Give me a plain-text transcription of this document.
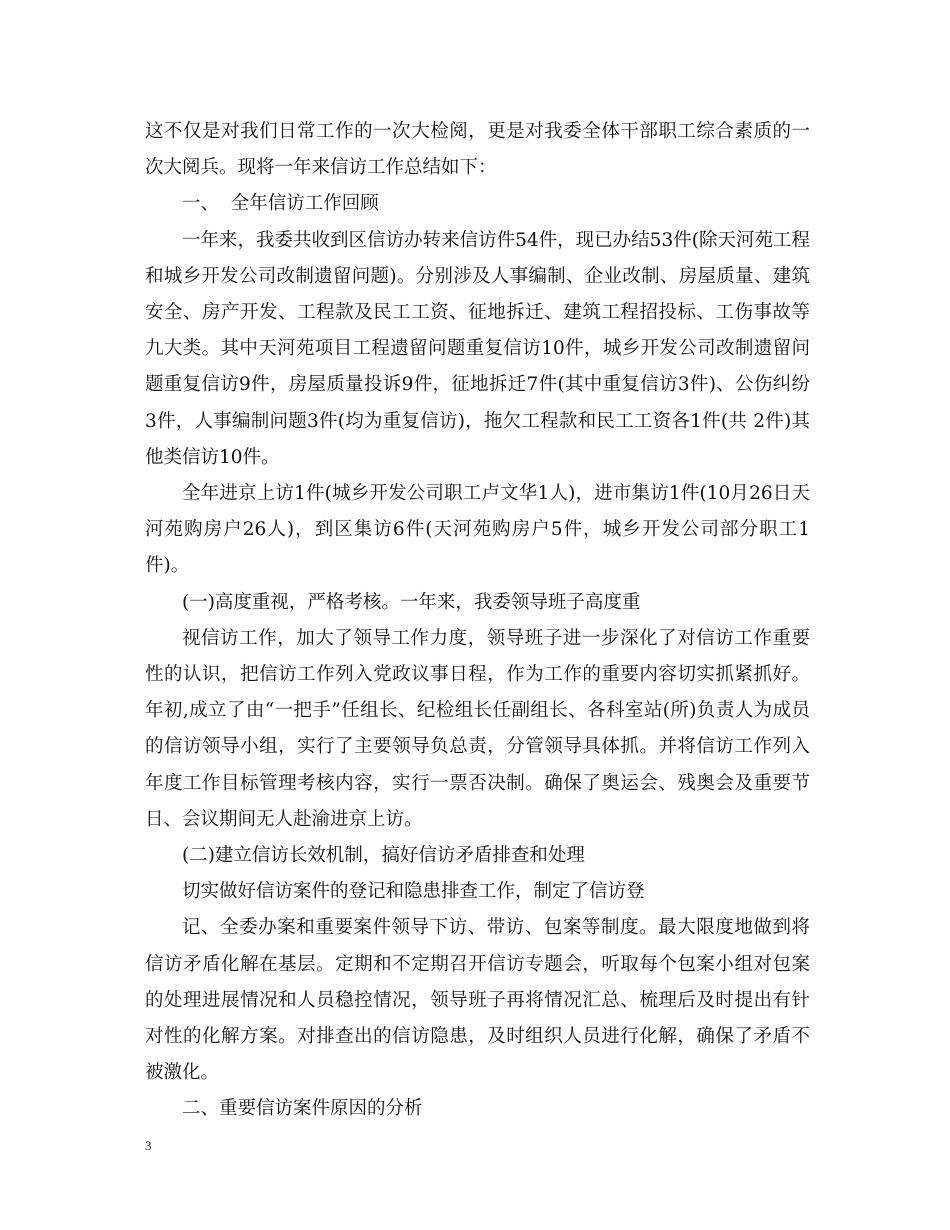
这不仅是对我们日常工作的一次大检阅，更是对我委全体干部职工综合素质的一次大阅兵。现将一年来信访工作总结如下：

一、  全年信访工作回顾

一年来，我委共收到区信访办转来信访件54件，现已办结53件(除天河苑工程和城乡开发公司改制遗留问题)。分别涉及人事编制、企业改制、房屋质量、建筑安全、房产开发、工程款及民工工资、征地拆迁、建筑工程招投标、工伤事故等九大类。其中天河苑项目工程遗留问题重复信访10件，城乡开发公司改制遗留问题重复信访9件，房屋质量投诉9件，征地拆迁7件(其中重复信访3件)、公伤纠纷3件，人事编制问题3件(均为重复信访)，拖欠工程款和民工工资各1件(共 2件)其他类信访10件。

全年进京上访1件(城乡开发公司职工卢文华1人)，进市集访1件(10月26日天河苑购房户26人)，到区集访6件(天河苑购房户5件，城乡开发公司部分职工1件)。

(一)高度重视，严格考核。一年来，我委领导班子高度重

视信访工作，加大了领导工作力度，领导班子进一步深化了对信访工作重要性的认识，把信访工作列入党政议事日程，作为工作的重要内容切实抓紧抓好。年初,成立了由“一把手”任组长、纪检组长任副组长、各科室站(所)负责人为成员的信访领导小组，实行了主要领导负总责，分管领导具体抓。并将信访工作列入年度工作目标管理考核内容，实行一票否决制。确保了奥运会、残奥会及重要节日、会议期间无人赴渝进京上访。

(二)建立信访长效机制，搞好信访矛盾排查和处理

切实做好信访案件的登记和隐患排查工作，制定了信访登

记、全委办案和重要案件领导下访、带访、包案等制度。最大限度地做到将信访矛盾化解在基层。定期和不定期召开信访专题会，听取每个包案小组对包案的处理进展情况和人员稳控情况，领导班子再将情况汇总、梳理后及时提出有针对性的化解方案。对排查出的信访隐患，及时组织人员进行化解，确保了矛盾不被激化。

二、重要信访案件原因的分析

3
